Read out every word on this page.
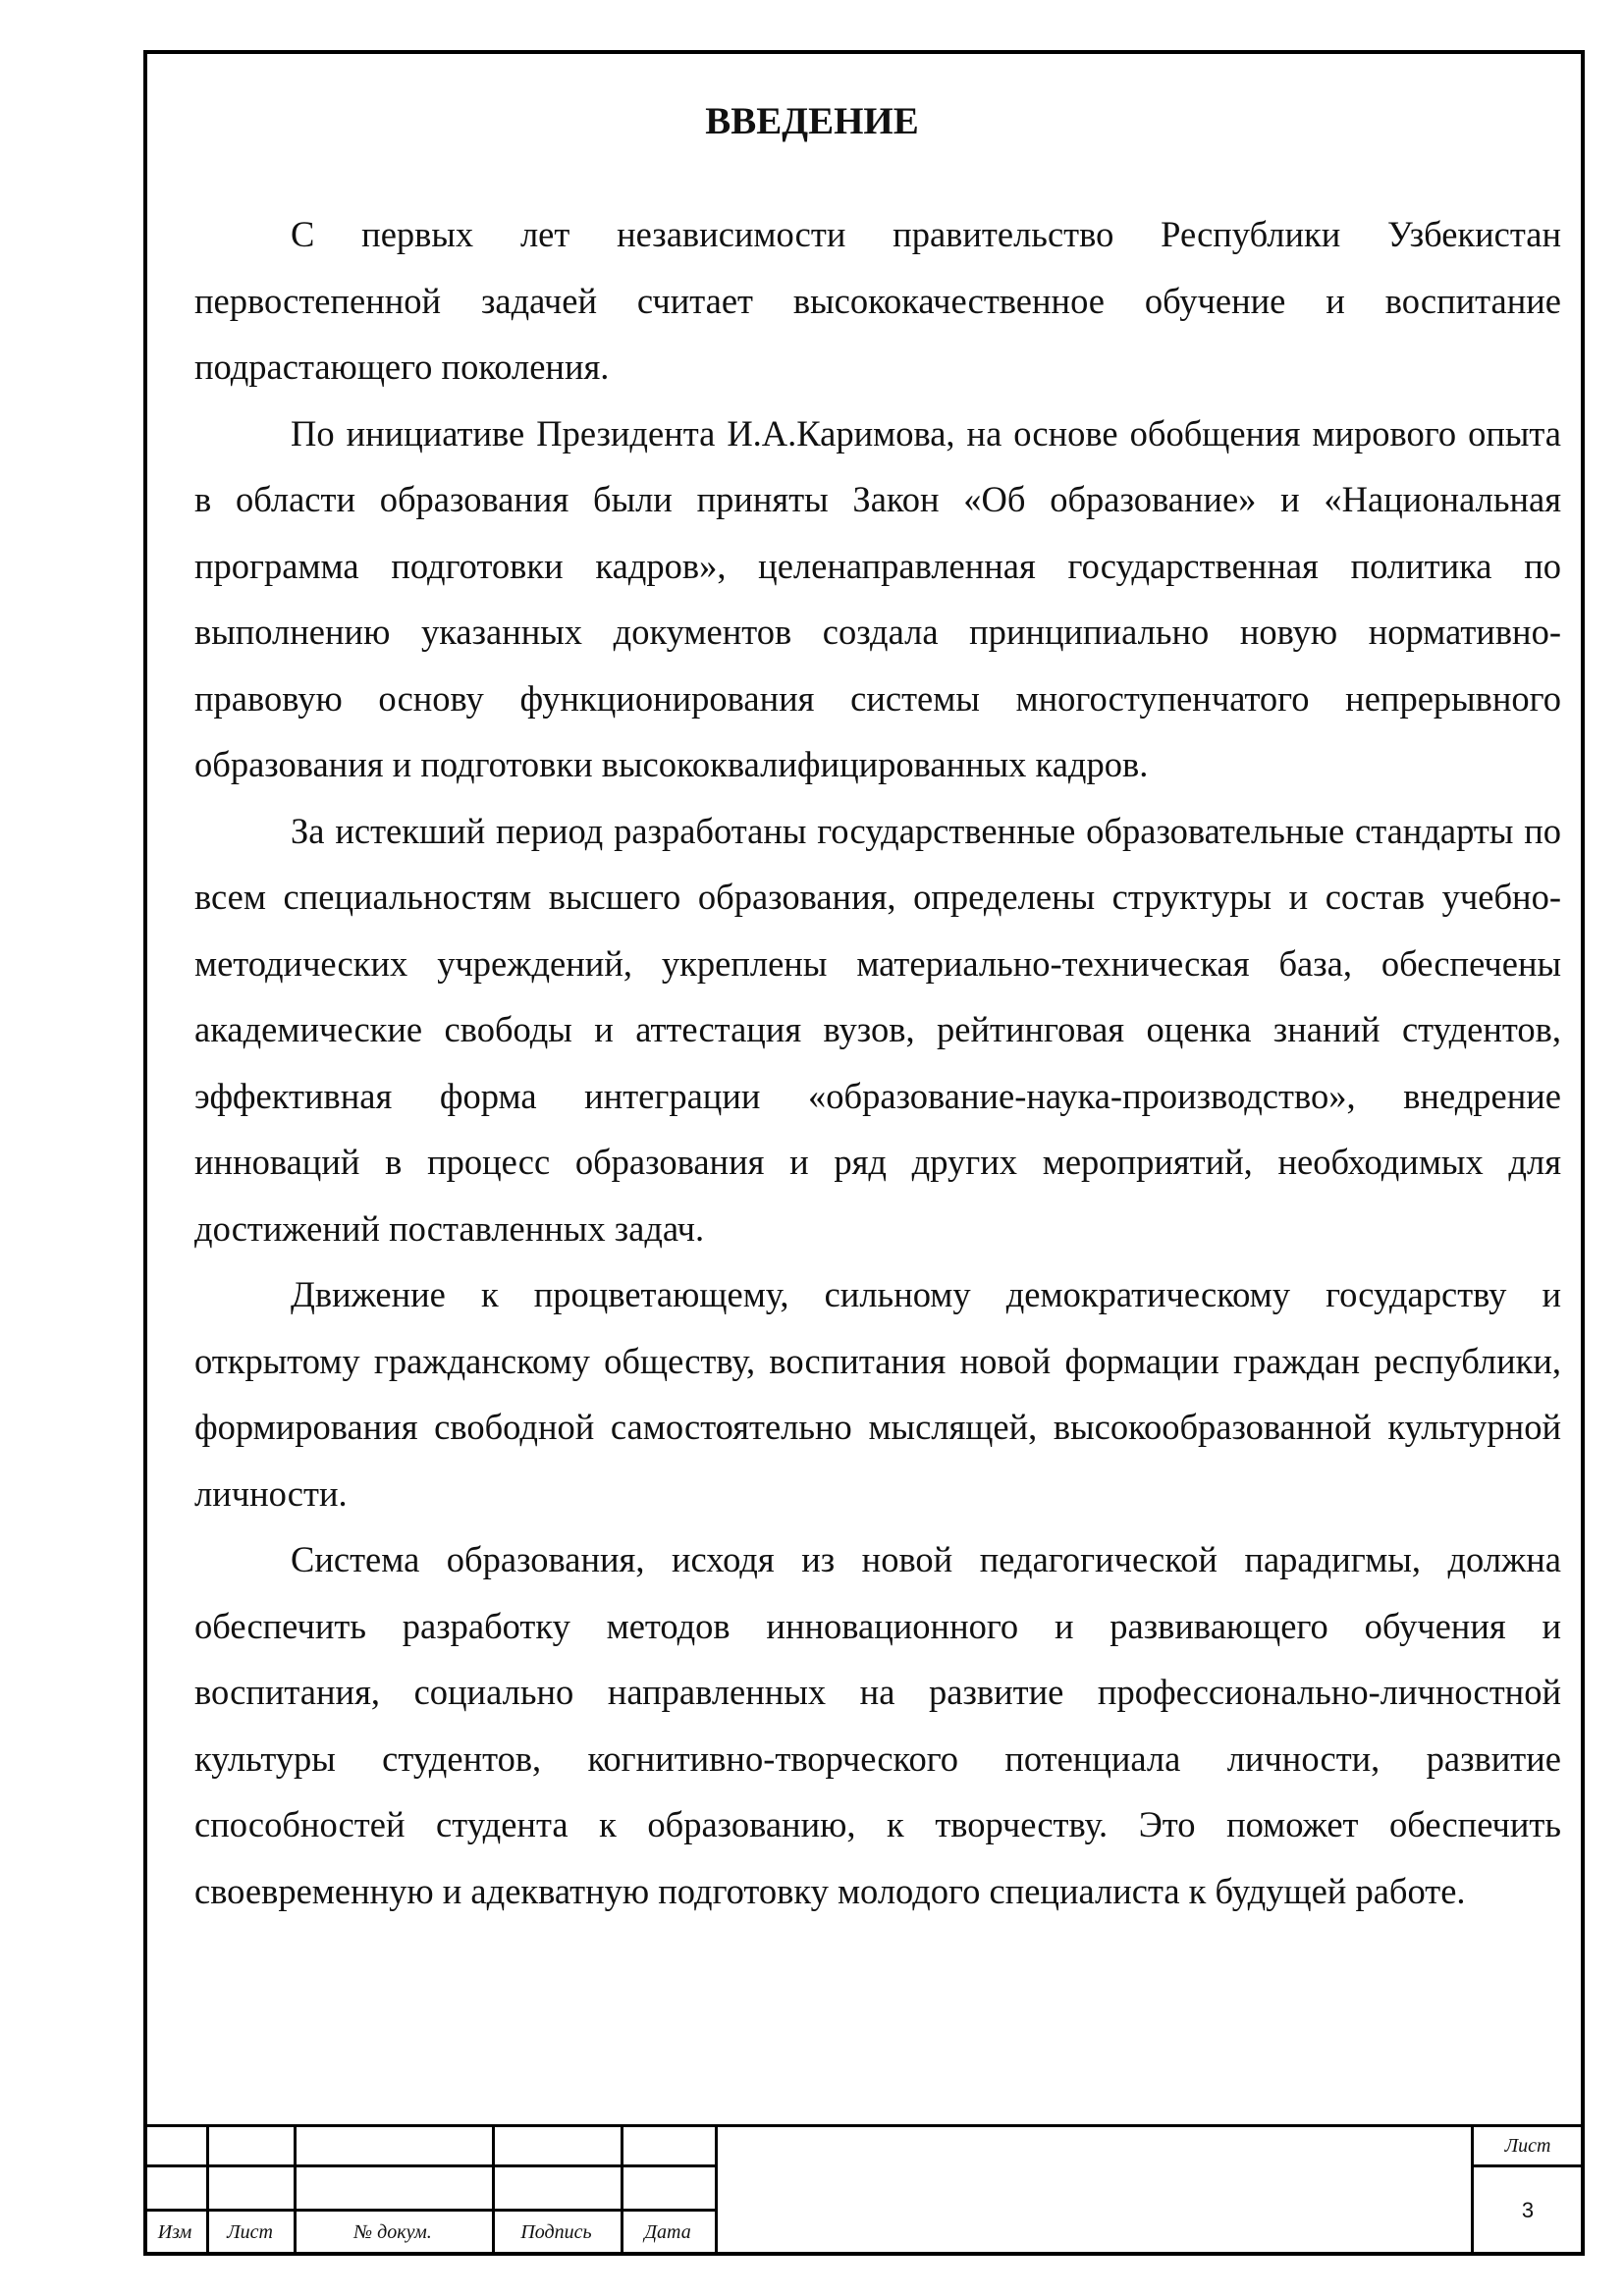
ВВЕДЕНИЕ

С первых лет независимости правительство Республики Узбекистан первостепенной задачей считает высококачественное обучение и воспитание подрастающего поколения.

По инициативе Президента И.А.Каримова, на основе обобщения мирового опыта в области образования были приняты Закон «Об образование» и «Национальная программа подготовки кадров», целенаправленная государственная политика по выполнению указанных документов создала принципиально новую нормативно-правовую основу функционирования системы многоступенчатого непрерывного образования и подготовки высококвалифицированных кадров.

За истекший период разработаны государственные образовательные стандарты по всем специальностям высшего образования, определены структуры и состав учебно-методических учреждений, укреплены материально-техническая база, обеспечены академические свободы и аттестация вузов, рейтинговая оценка знаний студентов, эффективная форма интеграции «образование-наука-производство», внедрение инноваций в процесс образования и ряд других мероприятий, необходимых для достижений поставленных задач.

Движение к процветающему, сильному демократическому государству и открытому гражданскому обществу, воспитания новой формации граждан республики, формирования свободной самостоятельно мыслящей, высокообразованной культурной личности.

Система образования, исходя из новой педагогической парадигмы, должна обеспечить разработку методов инновационного и развивающего обучения и воспитания, социально направленных на развитие профессионально-личностной культуры студентов, когнитивно-творческого потенциала личности, развитие способностей студента к образованию, к творчеству. Это поможет обеспечить своевременную и адекватную подготовку молодого специалиста к будущей работе.

Изм	Лист	№ докум.	Подпись	Дата
Лист
3
